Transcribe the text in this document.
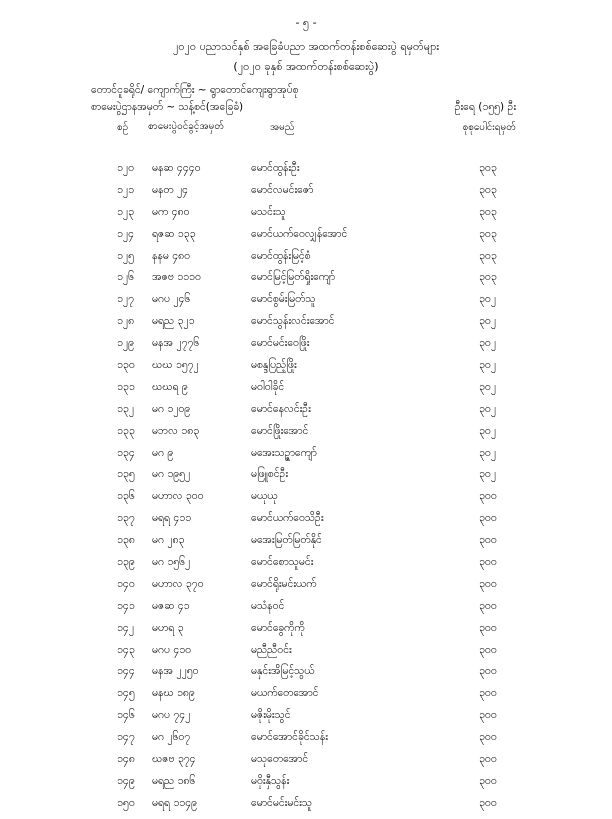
- ၅ -
၂၀၂၀ ပညာသင်နှစ် အခြေခံပညာ အထက်တန်းစစ်ဆေးပွဲ ရမှတ်များ
(၂၀၂၀ ခုနှစ် အထက်တန်းစစ်ဆေးပွဲ)
တောင်ငူခရိုင်/ ကျောက်ကြီး ~ ရွာတောင်ကျေးရွာအုပ်စု
စာမေးပွဲဌာနအမှတ် ~ သန့်စင်(အခြေခံ)	ဦးရေ (၁၅၅) ဦး
စဉ် စာမေးပွဲဝင်ခွင့်အမှတ်	အမည်	စုစုပေါင်းရမှတ်
၁၂၀ မနဆ ၄၄၄၀	မောင်ထွန်းဦး	၃၀၃
၁၂၁ မနတ ၂၄	မောင်လမင်းဇော်	၃၀၃
၁၂၃ မက ၄၈၀	မသင်းသူ	၃၀၃
၁၂၄ ရဇဆ ၁၃၃	မောင်ယက်ဝေလျှန်အောင်	၃၀၃
၁၂၅ နနမ ၄၈၀	မောင်ထွန်းမြင့်စံ	၃၀၃
၁၂၆ အဇဗ ၁၁၁၀	မောင်မြင့်မြတ်ရှိုးကျော်	၃၀၃
၁၂၇ မဂပ ၂၄၆	မောင်စွမ်းမြတ်သူ	၃၀၂
၁၂၈ မရည ၃၂၁	မောင်သွန်းလင်းအောင်	၃၀၂
၁၂၉ မနအ ၂၇၇၆	မောင်မင်းဝေဖြိုး	၃၀၂
၁၃၀ ဃဃ ၁၅၇၂	မစန္ဒပြည့်ဖြိုး	၃၀၂
၁၃၁ ဃဃရ ၉	မဝါဝါခိုင်	၃၀၂
၁၃၂ မဂ ၁၂၀၉	မောင်နေလင်းဦး	၃၀၂
၁၃၃ မဘလ ၁၈၃	မောင်ဖြိုးအောင်	၃၀၂
၁၃၄ မဂ ၉	မအေးသဉ္ဇာကျော်	၃၀၂
၁၃၅ မဂ ၁၉၅၂	မဖြူစင်ဦး	၃၀၂
၁၃၆ မဟာလ ၃၀၀	မယုယု	၃၀၀
၁၃၇ မရရ ၄၁၁	မောင်ယက်ဝေသိဦး	၃၀၀
၁၃၈ မဂ ၂၈၃	မအေးမြတ်မြတ်နိုင်	၃၀၀
၁၃၉ မဂ ၁၅၆၂	မောင်စောသူမင်း	၃၀၀
၁၄၀ မဟာလ ၃၇၀	မောင်ရိုးမင်းယက်	၃၀၀
၁၄၁ မဇဆ ၄၁	မသံနဝင်	၃၀၀
၁၄၂ မဟရ ၃	မောင်ခွေကိုကို	၃၀၀
၁၄၃ မဂပ ၄၁၀	မညီညီဝင်း	၃၀၀
၁၄၄ မနအ ၂၂၅၀	မနှင်းအိမြင့်သွယ်	၃၀၀
၁၄၅ မနဃ ၁၈၉	မယက်တေအောင်	၃၀၀
၁၄၆ မဂပ ၇၄၂	မဇိုးမိုးသွင်	၃၀၀
၁၄၇ မဂ ၂၆၀၇	မောင်အောင်ခိုင်သန်း	၃၀၀
၁၄၈ ဃဇဗ ၃၇၄	မသုတေအောင်	၃၀၀
၁၄၉ မရည ၁၈၆	မဝိုးနှီသွန်း	၃၀၀
၁၅၀ မရရ ၁၁၄၉	မောင်မင်းမင်းသူ	၃၀၀
